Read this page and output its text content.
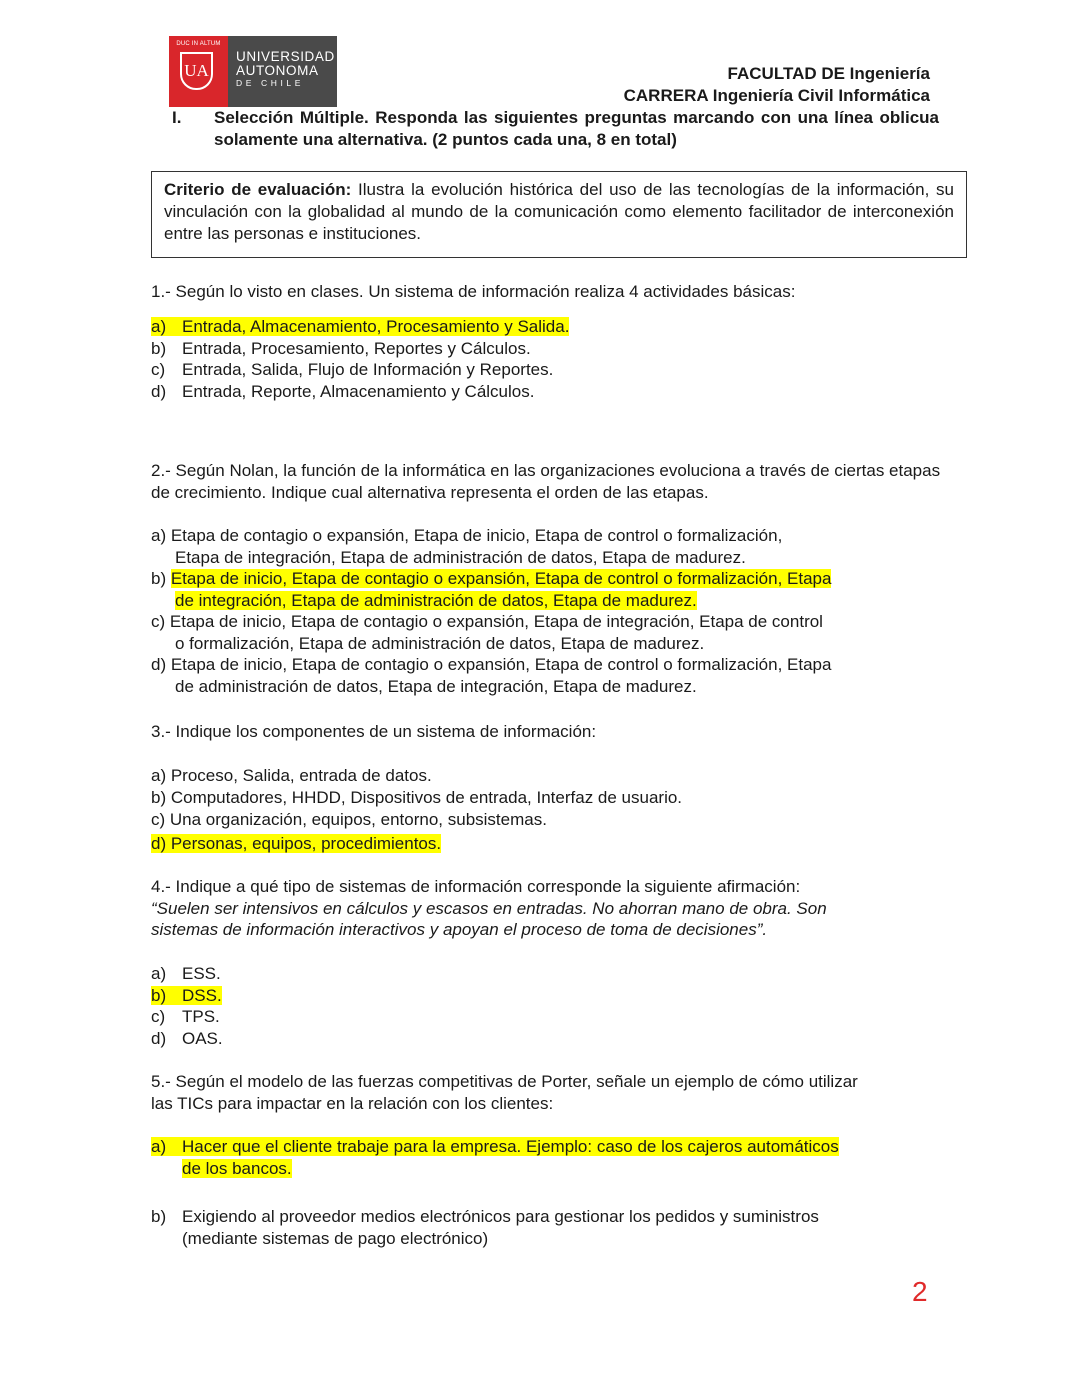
DUC IN ALTUM
UA
UNIVERSIDAD
AUTONOMA
DE CHILE	FACULTAD DE Ingeniería
CARRERA Ingeniería Civil Informática
I. Selección Múltiple. Responda las siguientes preguntas marcando con una línea oblicua solamente una alternativa. (2 puntos cada una, 8 en total)
Criterio de evaluación: Ilustra la evolución histórica del uso de las tecnologías de la información, su vinculación con la globalidad al mundo de la comunicación como elemento facilitador de interconexión entre las personas e instituciones.
1.- Según lo visto en clases. Un sistema de información realiza 4 actividades básicas:
a) Entrada, Almacenamiento, Procesamiento y Salida.
b) Entrada, Procesamiento, Reportes y Cálculos.
c) Entrada, Salida, Flujo de Información y Reportes.
d) Entrada, Reporte, Almacenamiento y Cálculos.
2.- Según Nolan, la función de la informática en las organizaciones evoluciona a través de ciertas etapas de crecimiento. Indique cual alternativa representa el orden de las etapas.
a) Etapa de contagio o expansión, Etapa de inicio, Etapa de control o formalización,
Etapa de integración, Etapa de administración de datos, Etapa de madurez.
b) Etapa de inicio, Etapa de contagio o expansión, Etapa de control o formalización, Etapa
de integración, Etapa de administración de datos, Etapa de madurez.
c) Etapa de inicio, Etapa de contagio o expansión, Etapa de integración, Etapa de control
o formalización, Etapa de administración de datos, Etapa de madurez.
d) Etapa de inicio, Etapa de contagio o expansión, Etapa de control o formalización, Etapa
de administración de datos, Etapa de integración, Etapa de madurez.
3.- Indique los componentes de un sistema de información:
a) Proceso, Salida, entrada de datos.
b) Computadores, HHDD, Dispositivos de entrada, Interfaz de usuario.
c) Una organización, equipos, entorno, subsistemas.
d) Personas, equipos, procedimientos.
4.- Indique a qué tipo de sistemas de información corresponde la siguiente afirmación:
“Suelen ser intensivos en cálculos y escasos en entradas. No ahorran mano de obra. Son
sistemas de información interactivos y apoyan el proceso de toma de decisiones”.
a) ESS.
b) DSS.
c) TPS.
d) OAS.
5.- Según el modelo de las fuerzas competitivas de Porter, señale un ejemplo de cómo utilizar
las TICs para impactar en la relación con los clientes:
a) Hacer que el cliente trabaje para la empresa. Ejemplo: caso de los cajeros automáticos
de los bancos.
b) Exigiendo al proveedor medios electrónicos para gestionar los pedidos y suministros
(mediante sistemas de pago electrónico)
2
